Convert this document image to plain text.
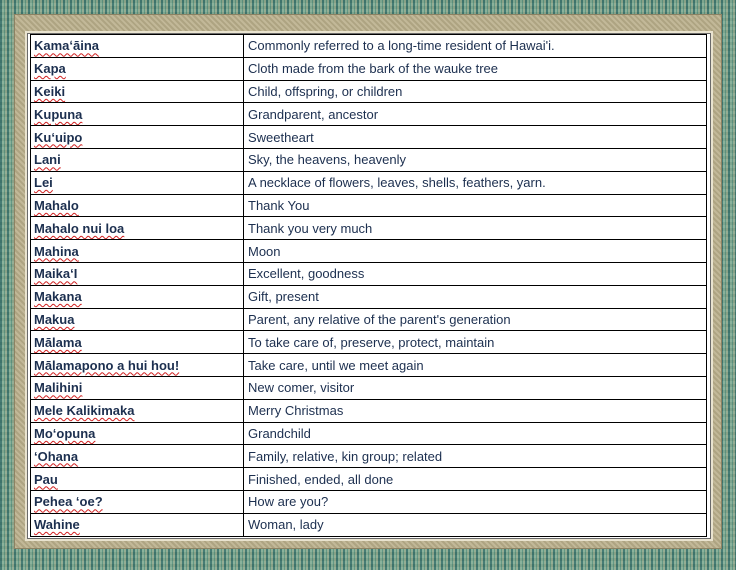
Kamaʻāina	Commonly referred to a long-time resident of Hawai'i.
Kapa	Cloth made from the bark of the wauke tree
Keiki	Child, offspring, or children
Kupuna	Grandparent, ancestor
Ku‘uipo	Sweetheart
Lani	Sky, the heavens, heavenly
Lei	A necklace of flowers, leaves, shells, feathers, yarn.
Mahalo	Thank You
Mahalo nui loa	Thank you very much
Mahina	Moon
Maika‘I	Excellent, goodness
Makana	Gift, present
Makua	Parent, any relative of the parent's generation
Mālama	To take care of, preserve, protect, maintain
Mālamapono a hui hou!	Take care, until we meet again
Malihini	New comer, visitor
Mele Kalikimaka	Merry Christmas
Mo‘opuna	Grandchild
‘Ohana	Family, relative, kin group; related
Pau	Finished, ended, all done
Pehea ‘oe?	How are you?
Wahine	Woman, lady
